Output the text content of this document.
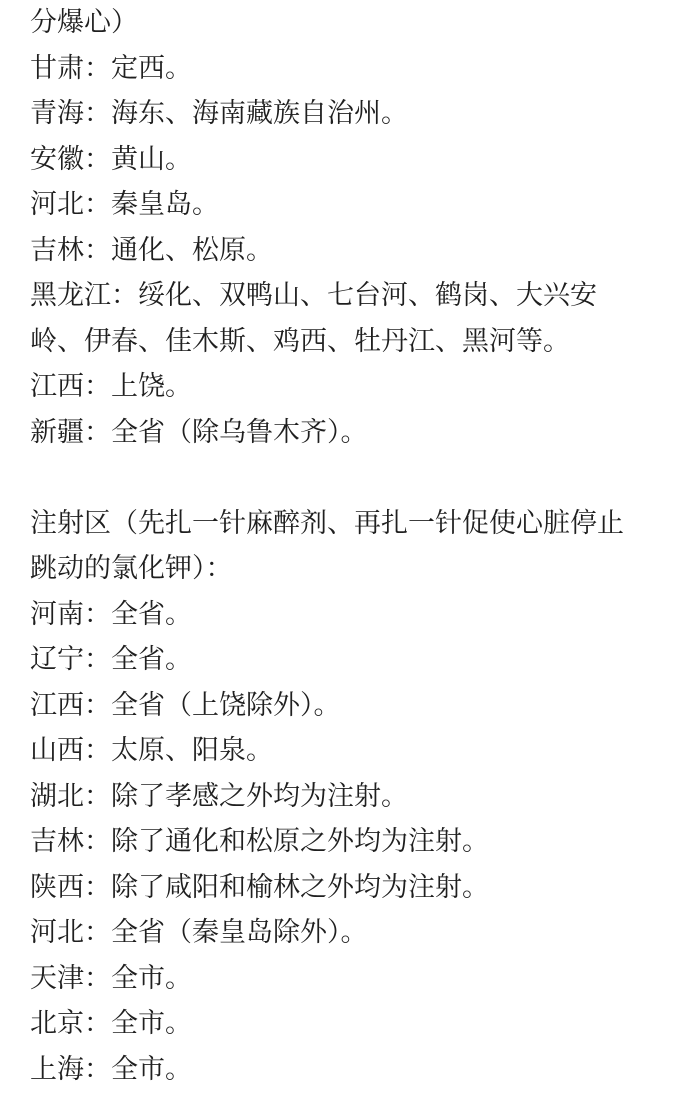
分爆心）
甘肃：定西。
青海：海东、海南藏族自治州。
安徽：黄山。
河北：秦皇岛。
吉林：通化、松原。
黑龙江：绥化、双鸭山、七台河、鹤岗、大兴安
岭、伊春、佳木斯、鸡西、牡丹江、黑河等。
江西：上饶。
新疆：全省（除乌鲁木齐）。
注射区（先扎一针麻醉剂、再扎一针促使心脏停止
跳动的氯化钾）：
河南：全省。
辽宁：全省。
江西：全省（上饶除外）。
山西：太原、阳泉。
湖北：除了孝感之外均为注射。
吉林：除了通化和松原之外均为注射。
陕西：除了咸阳和榆林之外均为注射。
河北：全省（秦皇岛除外）。
天津：全市。
北京：全市。
上海：全市。
